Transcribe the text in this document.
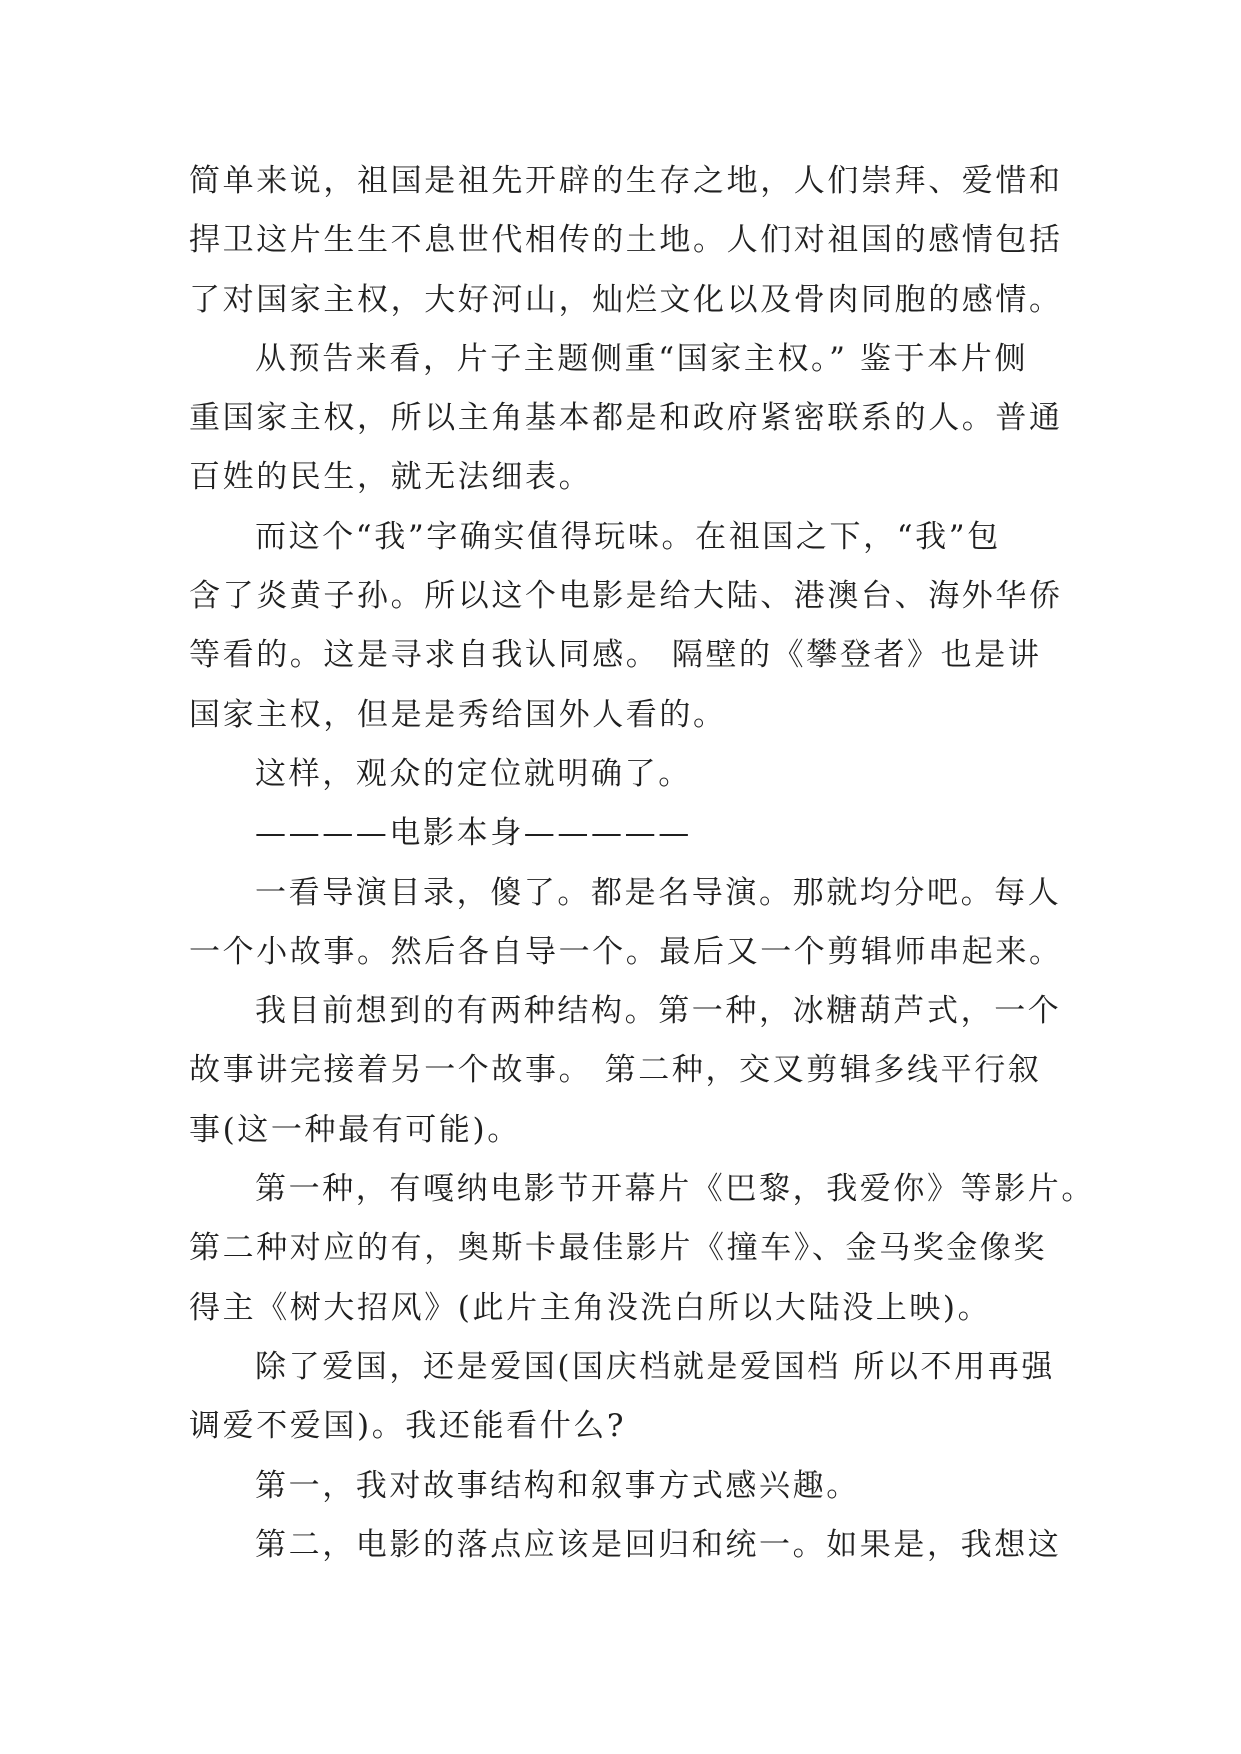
简单来说，祖国是祖先开辟的生存之地，人们崇拜、爱惜和
捍卫这片生生不息世代相传的土地。人们对祖国的感情包括
了对国家主权，大好河山，灿烂文化以及骨肉同胞的感情。
从预告来看，片子主题侧重“国家主权。” 鉴于本片侧
重国家主权，所以主角基本都是和政府紧密联系的人。普通
百姓的民生，就无法细表。
而这个“我”字确实值得玩味。在祖国之下，“我”包
含了炎黄子孙。所以这个电影是给大陆、港澳台、海外华侨
等看的。这是寻求自我认同感。 隔壁的《攀登者》也是讲
国家主权，但是是秀给国外人看的。
这样，观众的定位就明确了。
————电影本身—————
一看导演目录，傻了。都是名导演。那就均分吧。每人
一个小故事。然后各自导一个。最后又一个剪辑师串起来。
我目前想到的有两种结构。第一种，冰糖葫芦式，一个
故事讲完接着另一个故事。 第二种，交叉剪辑多线平行叙
事(这一种最有可能)。
第一种，有嘎纳电影节开幕片《巴黎，我爱你》等影片。
第二种对应的有，奥斯卡最佳影片《撞车》、金马奖金像奖
得主《树大招风》(此片主角没洗白所以大陆没上映)。
除了爱国，还是爱国(国庆档就是爱国档 所以不用再强
调爱不爱国)。我还能看什么?
第一，我对故事结构和叙事方式感兴趣。
第二，电影的落点应该是回归和统一。如果是，我想这
